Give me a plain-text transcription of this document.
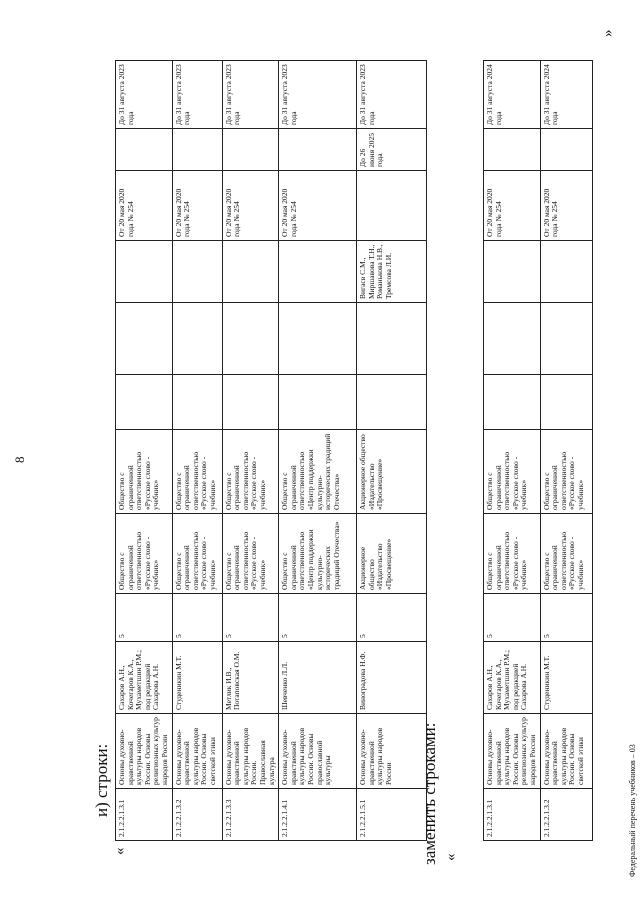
8
«
и) строки:
2.1.2.2.1.3.1	Основы духовно-нравственной культуры народов России. Основы религиозных культур народов России	Сахаров А.Н., Кочегаров К.А., Мухаметшин Р.М.; под редакцией Сахарова А.Н.	5	Общество с ограниченной ответственностью «Русское слово - учебник»	Общество с ограниченной ответственностью «Русское слово - учебник»				От 20 мая 2020 года № 254		До 31 августа 2023 года
2.1.2.2.1.3.2	Основы духовно-нравственной культуры народов России. Основы светской этики	Студеникин М.Т.	5	Общество с ограниченной ответственностью «Русское слово - учебник»	Общество с ограниченной ответственностью «Русское слово - учебник»				От 20 мая 2020 года № 254		До 31 августа 2023 года
2.1.2.2.1.3.3	Основы духовно-нравственной культуры народов России. Православная культура	Метлик И.В., Потаповская О.М.	5	Общество с ограниченной ответственностью «Русское слово - учебник»	Общество с ограниченной ответственностью «Русское слово - учебник»				От 20 мая 2020 года № 254		До 31 августа 2023 года
2.1.2.2.1.4.1	Основы духовно-нравственной культуры народов России. Основы православной культуры	Шевченко Л.Л.	5	Общество с ограниченной ответственностью «Центр поддержки культурно-исторических традиций Отечества»	Общество с ограниченной ответственностью «Центр поддержки культурно-исторических традиций Отечества»				От 20 мая 2020 года № 254		До 31 августа 2023 года
2.1.2.2.1.5.1	Основы духовно-нравственной культуры народов России	Виноградова Н.Ф.	5	Акционерное общество «Издательство «Просвещение»	Акционерное общество «Издательство «Просвещение»			Вигасв С.М., Миршавова Т.Н., Романькова Н.В., Тремсова Л.И.		До 26 июня 2025 года	До 31 августа 2023 года
»
заменить строками: «
2.1.2.2.1.3.1	Основы духовно-нравственной культуры народов России. Основы религиозных культур народов России	Сахаров А.Н., Кочегаров К.А., Мухаметшин Р.М.; под редакцией Сахарова А.Н.	5	Общество с ограниченной ответственностью «Русское слово - учебник»	Общество с ограниченной ответственностью «Русское слово - учебник»				От 20 мая 2020 года № 254		До 31 августа 2024 года
2.1.2.2.1.3.2	Основы духовно-нравственной культуры народов России. Основы светской этики	Студеникин М.Т.	5	Общество с ограниченной ответственностью «Русское слово - учебник»	Общество с ограниченной ответственностью «Русское слово - учебник»				От 20 мая 2020 года № 254		До 31 августа 2024 года
Федеральный перечень учебников – 03
